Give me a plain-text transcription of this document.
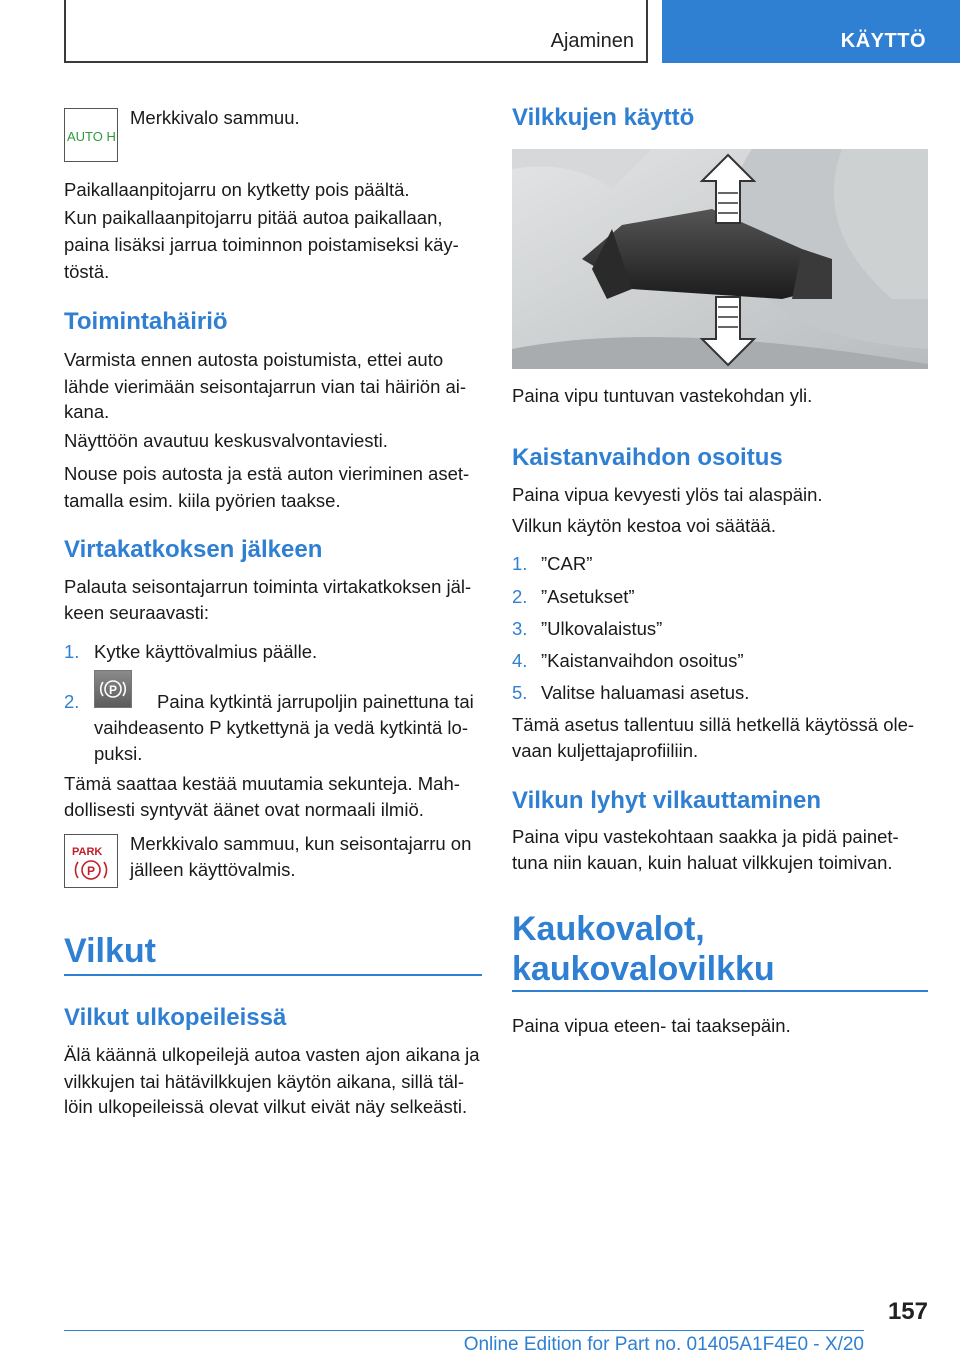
Ajaminen	KÄYTTÖ
AUTO H

Merkkivalo sammuu.

Paikallaanpitojarru on kytketty pois päältä.

Kun paikallaanpitojarru pitää autoa paikallaan,

paina lisäksi jarrua toiminnon poistamiseksi käy-

töstä.

Toimintahäiriö

Varmista ennen autosta poistumista, ettei auto

lähde vierimään seisontajarrun vian tai häiriön ai-

kana.

Näyttöön avautuu keskusvalvontaviesti.

Nouse pois autosta ja estä auton vieriminen aset-

tamalla esim. kiila pyörien taakse.

Virtakatkoksen jälkeen

Palauta seisontajarrun toiminta virtakatkoksen jäl-

keen seuraavasti:

1. Kytke käyttövalmius päälle.

2.
P

Paina kytkintä jarrupoljin painettuna tai

vaihdeasento P kytkettynä ja vedä kytkintä lo-

puksi.

Tämä saattaa kestää muutamia sekunteja. Mah-

dollisesti syntyvät äänet ovat normaali ilmiö.

PARK
P

Merkkivalo sammuu, kun seisontajarru on

jälleen käyttövalmis.

Vilkut
Vilkut ulkopeileissä

Älä käännä ulkopeilejä autoa vasten ajon aikana ja

vilkkujen tai hätävilkkujen käytön aikana, sillä täl-

löin ulkopeileissä olevat vilkut eivät näy selkeästi.

Vilkkujen käyttö

Paina vipu tuntuvan vastekohdan yli.

Kaistanvaihdon osoitus

Paina vipua kevyesti ylös tai alaspäin.

Vilkun käytön kestoa voi säätää.

1. ”CAR”

2. ”Asetukset”

3. ”Ulkovalaistus”

4. ”Kaistanvaihdon osoitus”

5. Valitse haluamasi asetus.

Tämä asetus tallentuu sillä hetkellä käytössä ole-

vaan kuljettajaprofiiliin.

Vilkun lyhyt vilkauttaminen

Paina vipu vastekohtaan saakka ja pidä painet-

tuna niin kauan, kuin haluat vilkkujen toimivan.

Kaukovalot,
kaukovalovilkku

Paina vipua eteen- tai taaksepäin.

157
Online Edition for Part no. 01405A1F4E0 - X/20
